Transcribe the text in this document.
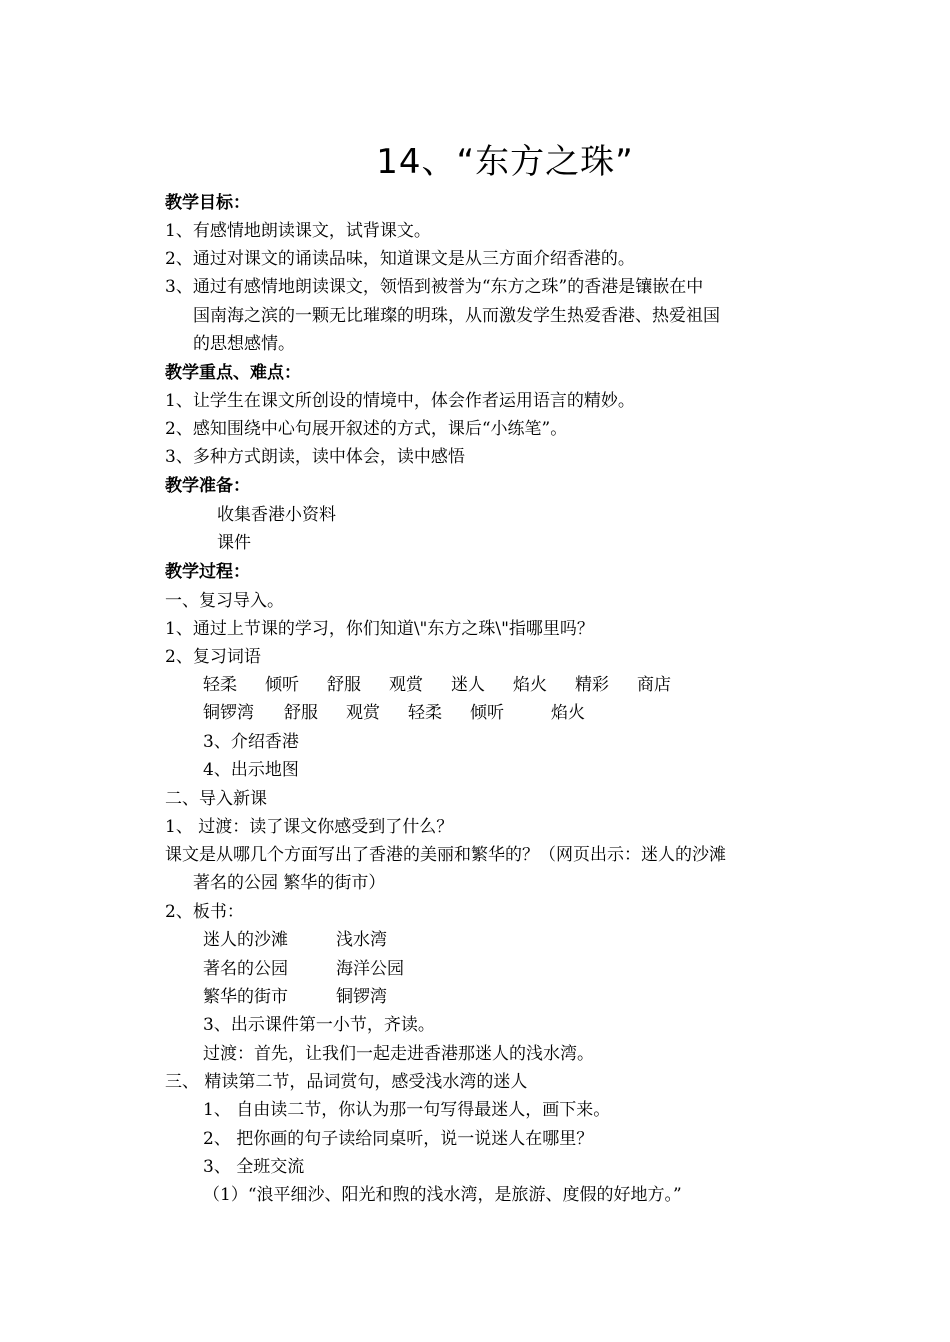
14、“东方之珠”
教学目标：
1、有感情地朗读课文，试背课文。
2、通过对课文的诵读品味，知道课文是从三方面介绍香港的。
3、通过有感情地朗读课文，领悟到被誉为“东方之珠”的香港是镶嵌在中
国南海之滨的一颗无比璀璨的明珠，从而激发学生热爱香港、热爱祖国
的思想感情。
教学重点、难点：
1、让学生在课文所创设的情境中，体会作者运用语言的精妙。
2、感知围绕中心句展开叙述的方式，课后“小练笔”。
3、多种方式朗读，读中体会，读中感悟
教学准备：
收集香港小资料
课件
教学过程：
一、复习导入。
1、通过上节课的学习，你们知道\"东方之珠\"指哪里吗？
2、复习词语
轻柔 倾听 舒服 观赏 迷人 焰火 精彩 商店
铜锣湾 舒服 观赏 轻柔 倾听	焰火
3、介绍香港
4、出示地图
二、导入新课
1、 过渡：读了课文你感受到了什么？
课文是从哪几个方面写出了香港的美丽和繁华的？（网页出示：迷人的沙滩
著名的公园 繁华的街市）
2、板书：
迷人的沙滩	浅水湾
著名的公园	海洋公园
繁华的街市	铜锣湾
3、出示课件第一小节，齐读。
过渡：首先，让我们一起走进香港那迷人的浅水湾。
三、 精读第二节，品词赏句，感受浅水湾的迷人
1、 自由读二节，你认为那一句写得最迷人，画下来。
2、 把你画的句子读给同桌听，说一说迷人在哪里？
3、 全班交流
（1）“浪平细沙、阳光和煦的浅水湾，是旅游、度假的好地方。”
